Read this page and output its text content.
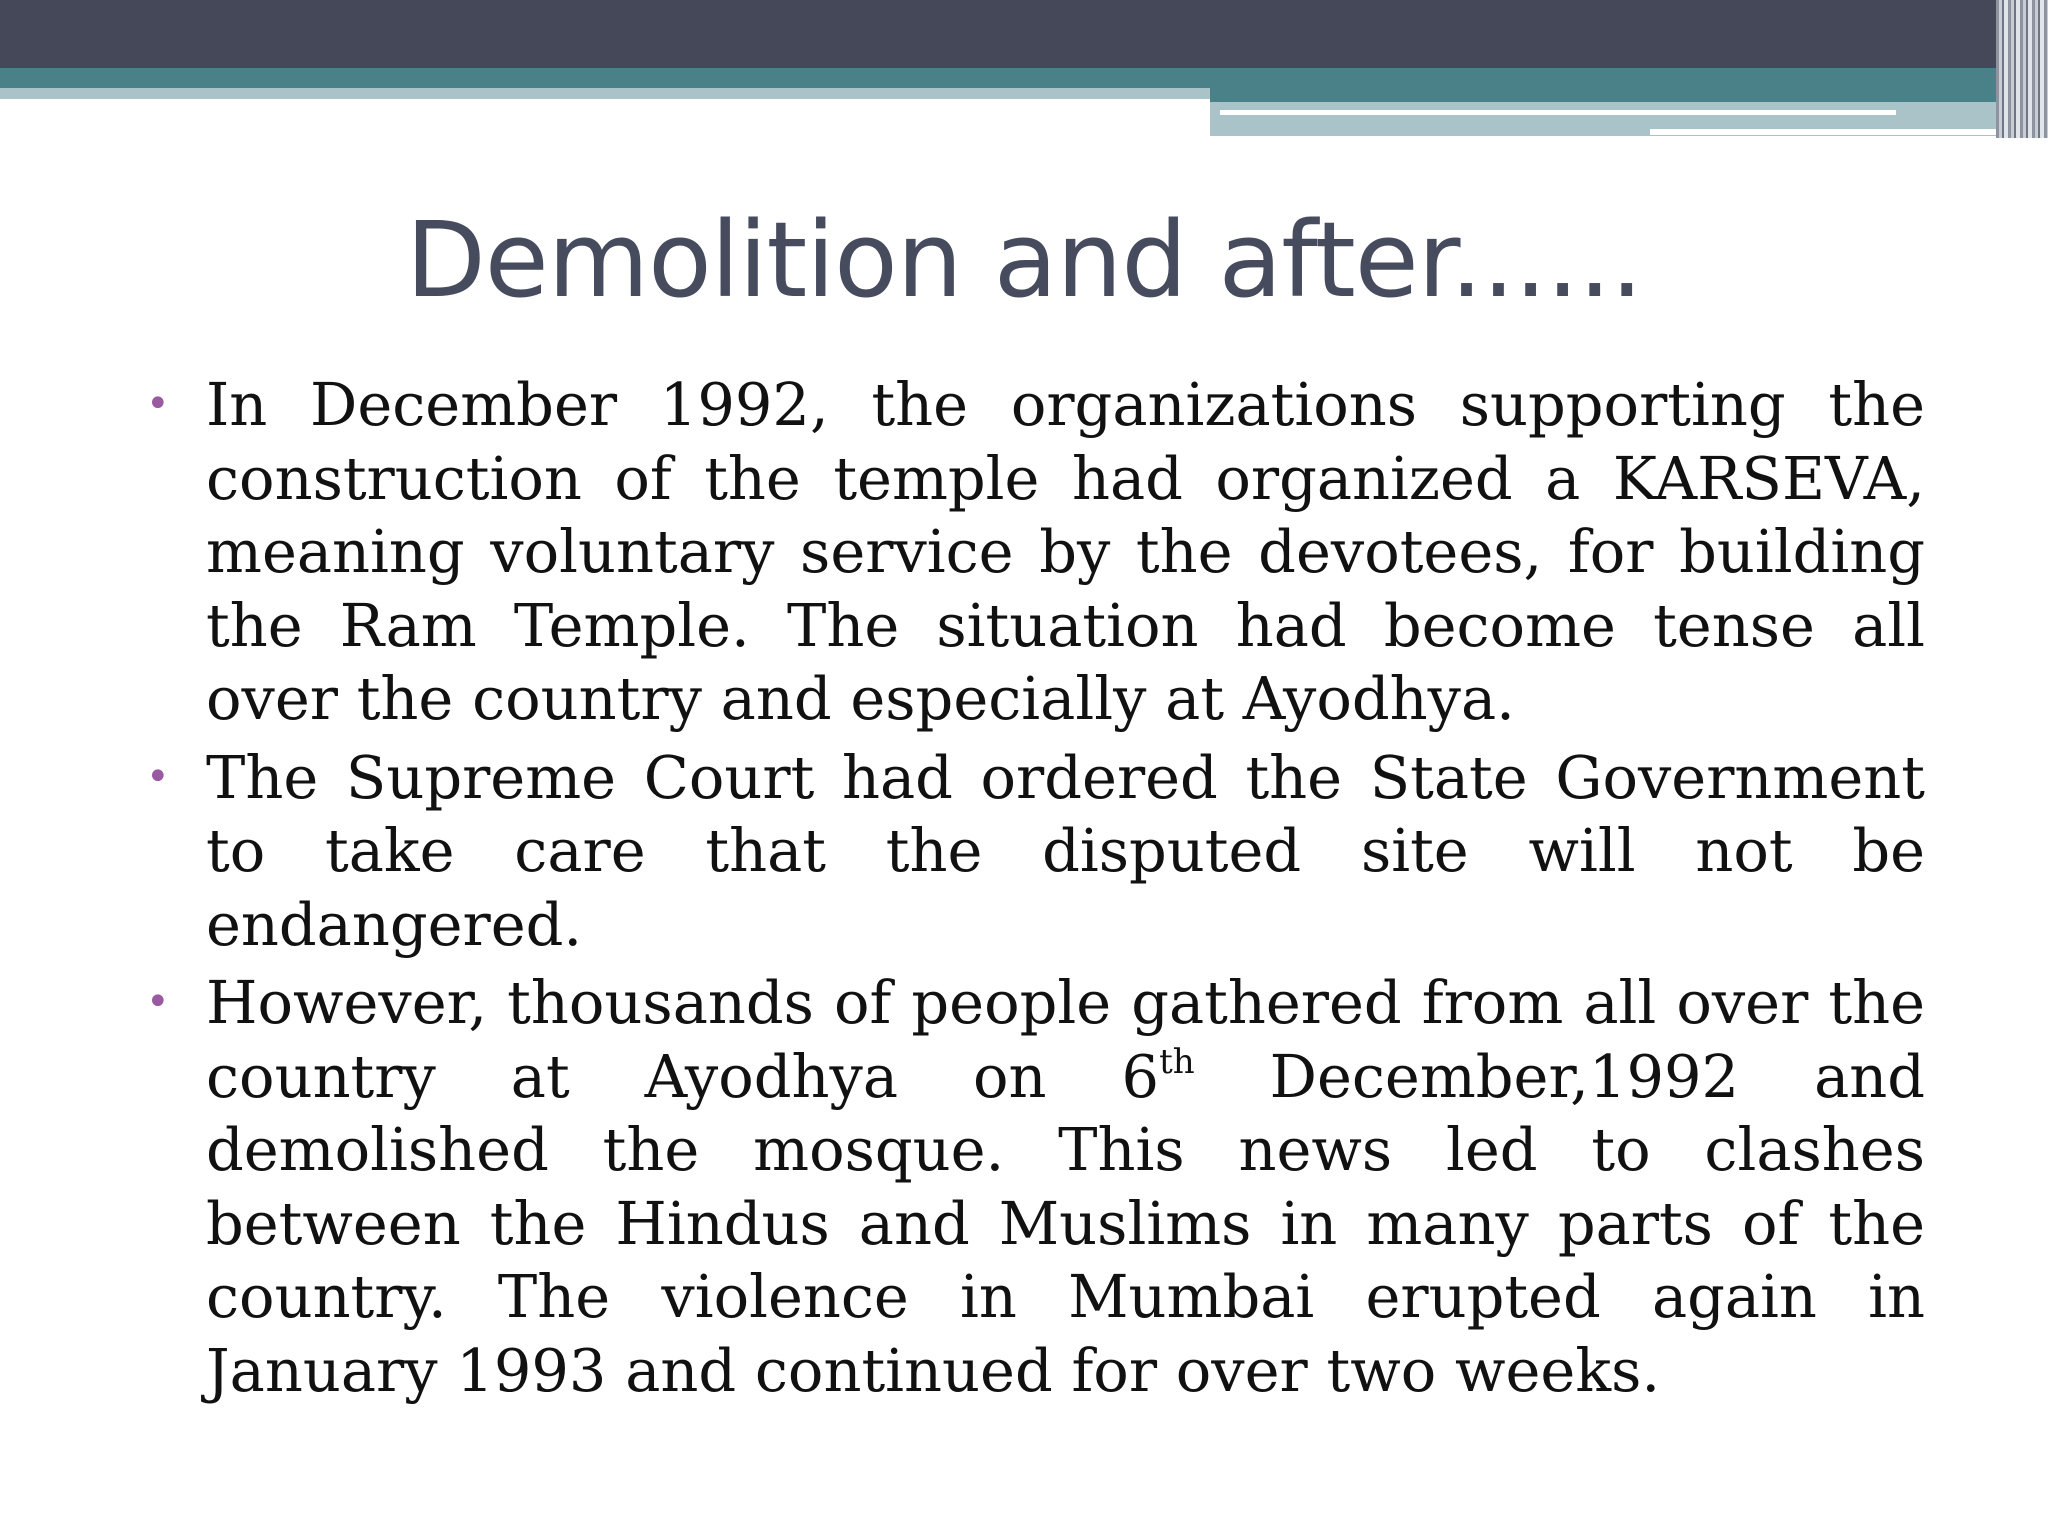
Demolition and after......
• In December 1992, the organizations supporting the construction of the temple had organized a KARSEVA, meaning voluntary service by the devotees, for building the Ram Temple. The situation had become tense all over the country and especially at Ayodhya.
• The Supreme Court had ordered the State Government to take care that the disputed site will not be endangered.
• However, thousands of people gathered from all over the country at Ayodhya on 6th December,1992 and demolished the mosque. This news led to clashes between the Hindus and Muslims in many parts of the country. The violence in Mumbai erupted again in January 1993 and continued for over two weeks.
